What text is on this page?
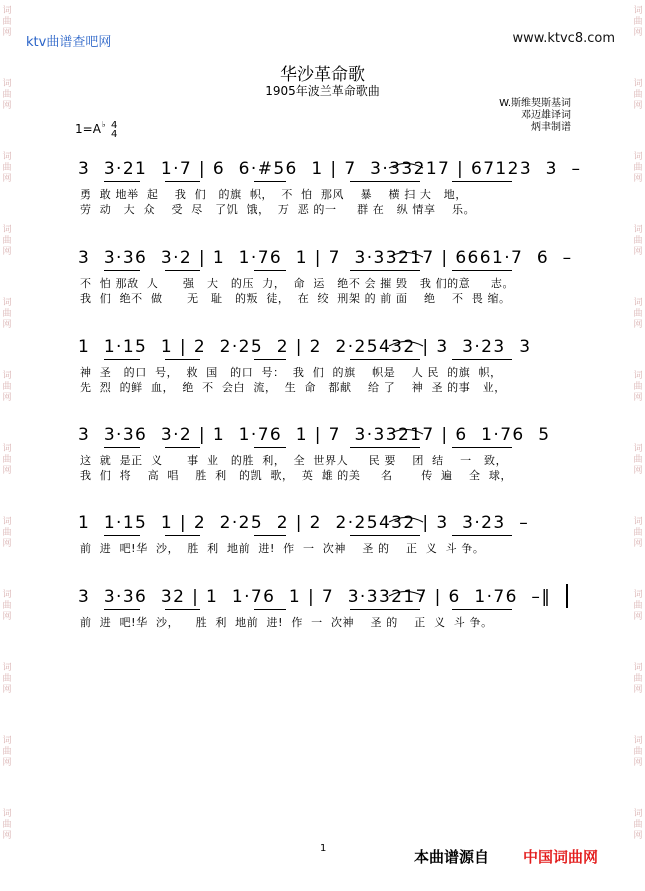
词
曲
网
词
曲
网
词
曲
网
词
曲
网
词
曲
网
词
曲
网
词
曲
网
词
曲
网
词
曲
网
词
曲
网
词
曲
网
词
曲
网
词
曲
网
词
曲
网
词
曲
网
词
曲
网
词
曲
网
词
曲
网
词
曲
网
词
曲
网
词
曲
网
词
曲
网
词
曲
网
词
曲
网
ktv曲谱查吧网	www.ktvc8.com
华沙革命歌
1905年波兰革命歌曲
W.斯维契斯基词
邓迈雄译词
炳聿制谱
1=A♭ 4
4
3  3·21  1·7 | 6  6·#56  1 | 7  3·33217 | 67123  3  –
勇  敢 地举  起    我  们   的旗  帜，  不  怕  那风    暴    横 扫 大   地，
劳  动   大  众    受  尽   了饥  饿，  万  恶 的一     群 在   纵 情享    乐。
3  3·36  3·2 | 1  1·76  1 | 7  3·33217 | 6661·7  6  –
不  怕 那敌  人      强   大   的压  力，  命  运   绝不 会 摧 毁   我 们的意     志。
我  们  绝不  做      无   耻   的叛  徒，  在  绞  刑架 的 前 面    绝    不  畏 缩。
1  1·15  1 | 2  2·25  2 | 2  2·25432 | 3  3·23  3
神  圣   的口  号，  救  国   的口  号：  我  们  的旗    帜是    人 民  的旗  帜，
先  烈  的鲜  血，  绝  不  会白  流，  生  命   都献    给 了    神  圣 的事   业，
3  3·36  3·2 | 1  1·76  1 | 7  3·33217 | 6  1·76  5
这  就  是正  义      事  业   的胜  利，  全  世界人     民 要    团  结    一   致，
我  们  将    高  唱    胜  利   的凯  歌，  英  雄 的美     名       传  遍    全  球，
1  1·15  1 | 2  2·25  2 | 2  2·25432 | 3  3·23  –
前  进  吧!华  沙，  胜  利  地前  进!  作  一  次神    圣 的    正  义  斗 争。
3  3·36  32 | 1  1·76  1 | 7  3·33217 | 6  1·76  –‖
前  进  吧!华  沙，    胜  利  地前  进!  作  一  次神    圣 的    正  义  斗 争。
1	本曲谱源自 中国词曲网
